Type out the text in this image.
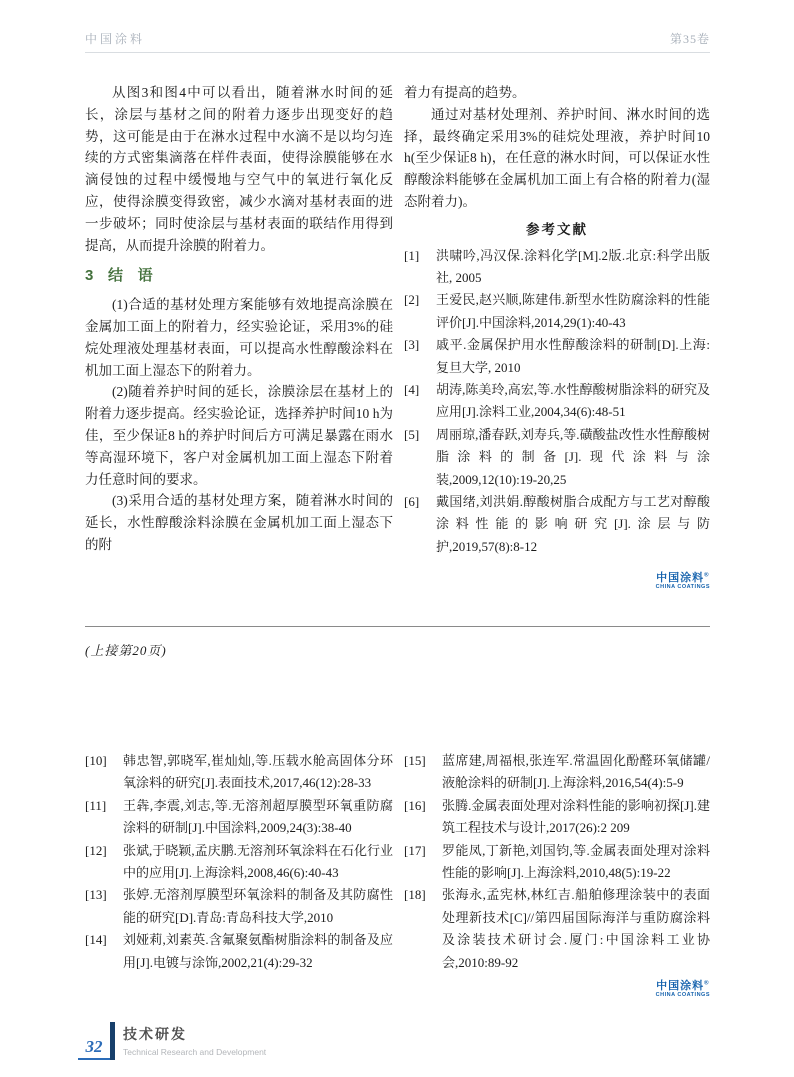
中国涂料	第35卷

从图3和图4中可以看出，随着淋水时间的延长，涂层与基材之间的附着力逐步出现变好的趋势，这可能是由于在淋水过程中水滴不是以均匀连续的方式密集滴落在样件表面，使得涂膜能够在水滴侵蚀的过程中缓慢地与空气中的氧进行氧化反应，使得涂膜变得致密，减少水滴对基材表面的进一步破坏；同时使涂层与基材表面的联结作用得到提高，从而提升涂膜的附着力。

3 结 语

(1)合适的基材处理方案能够有效地提高涂膜在金属加工面上的附着力，经实验论证，采用3%的硅烷处理液处理基材表面，可以提高水性醇酸涂料在机加工面上湿态下的附着力。

(2)随着养护时间的延长，涂膜涂层在基材上的附着力逐步提高。经实验论证，选择养护时间10 h为佳，至少保证8 h的养护时间后方可满足暴露在雨水等高湿环境下，客户对金属机加工面上湿态下附着力任意时间的要求。

(3)采用合适的基材处理方案，随着淋水时间的延长，水性醇酸涂料涂膜在金属机加工面上湿态下的附

着力有提高的趋势。

通过对基材处理剂、养护时间、淋水时间的选择，最终确定采用3%的硅烷处理液，养护时间10 h(至少保证8 h)，在任意的淋水时间，可以保证水性醇酸涂料能够在金属机加工面上有合格的附着力(湿态附着力)。

参考文献
[1] 洪啸吟,冯汉保.涂料化学[M].2版.北京:科学出版社, 2005
[2] 王爱民,赵兴顺,陈建伟.新型水性防腐涂料的性能评价[J].中国涂料,2014,29(1):40-43
[3] 戚平.金属保护用水性醇酸涂料的研制[D].上海:复旦大学, 2010
[4] 胡涛,陈美玲,高宏,等.水性醇酸树脂涂料的研究及应用[J].涂料工业,2004,34(6):48-51
[5] 周丽琼,潘春跃,刘寿兵,等.磺酸盐改性水性醇酸树脂涂料的制备[J].现代涂料与涂装,2009,12(10):19-20,25
[6] 戴国绪,刘洪娟.醇酸树脂合成配方与工艺对醇酸涂料性能的影响研究[J].涂层与防护,2019,57(8):8-12
中国涂料®
CHINA COATINGS
(上接第20页)
[10] 韩忠智,郭晓军,崔灿灿,等.压载水舱高固体分环氧涂料的研究[J].表面技术,2017,46(12):28-33
[11] 王犇,李震,刘志,等.无溶剂超厚膜型环氧重防腐涂料的研制[J].中国涂料,2009,24(3):38-40
[12] 张斌,于晓颖,孟庆鹏.无溶剂环氧涂料在石化行业中的应用[J].上海涂料,2008,46(6):40-43
[13] 张婷.无溶剂厚膜型环氧涂料的制备及其防腐性能的研究[D].青岛:青岛科技大学,2010
[14] 刘娅莉,刘素英.含氟聚氨酯树脂涂料的制备及应用[J].电镀与涂饰,2002,21(4):29-32
[15] 蓝席建,周福根,张连军.常温固化酚醛环氧储罐/液舱涂料的研制[J].上海涂料,2016,54(4):5-9
[16] 张腾.金属表面处理对涂料性能的影响初探[J].建筑工程技术与设计,2017(26):2 209
[17] 罗能凤,丁新艳,刘国钧,等.金属表面处理对涂料性能的影响[J].上海涂料,2010,48(5):19-22
[18] 张海永,孟宪林,林红吉.船舶修理涂装中的表面处理新技术[C]//第四届国际海洋与重防腐涂料及涂装技术研讨会.厦门:中国涂料工业协会,2010:89-92
中国涂料®
CHINA COATINGS
32
技术研发
Technical Research and Development
